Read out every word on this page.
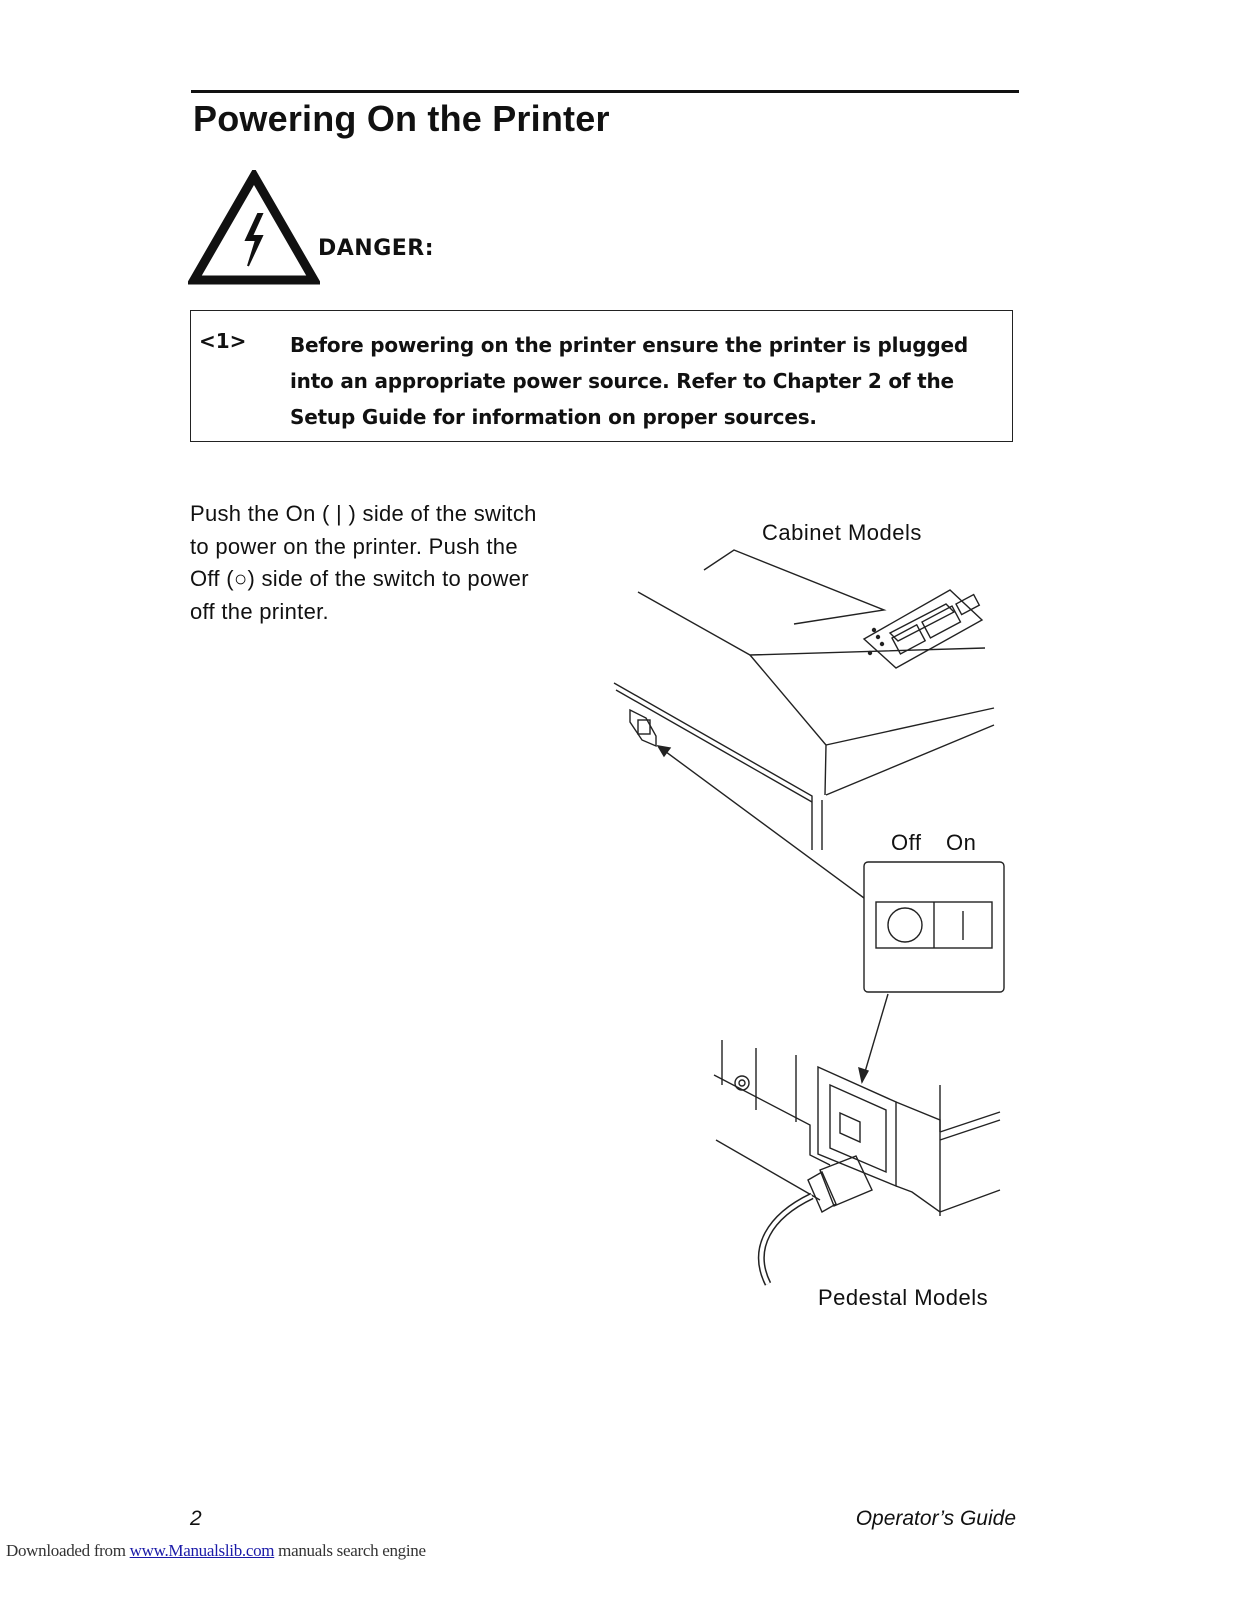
Powering On the Printer
DANGER:
<1> Before powering on the printer ensure the printer is plugged into an appropriate power source. Refer to Chapter 2 of the Setup Guide for information on proper sources.

Push the On ( | ) side of the switch to power on the printer. Push the Off (○) side of the switch to power off the printer.

Cabinet Models
Off On
Pedestal Models
2	Operator’s Guide
Downloaded from www.Manualslib.com manuals search engine
